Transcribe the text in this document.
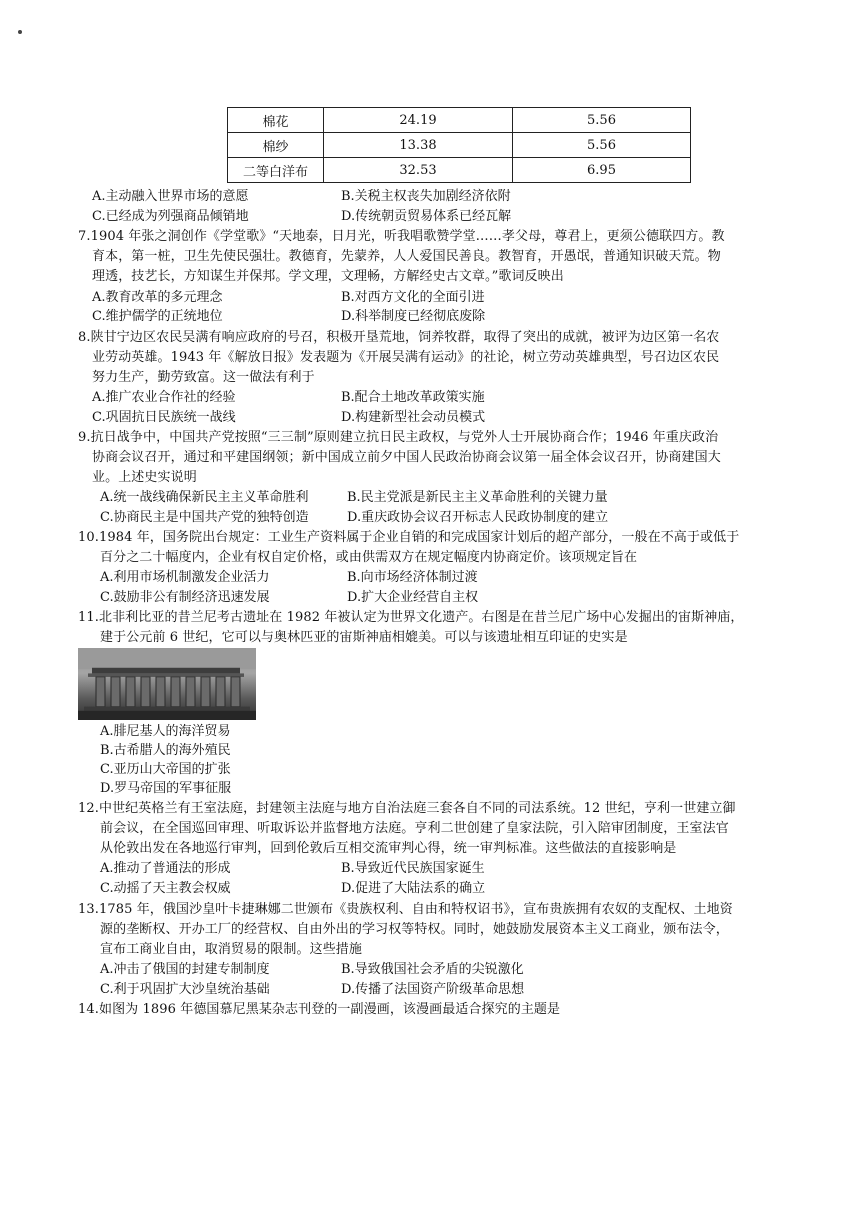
棉花	24.19	5.56
棉纱	13.38	5.56
二等白洋布	32.53	6.95
A.主动融入世界市场的意愿	B.关税主权丧失加剧经济依附
C.已经成为列强商品倾销地	D.传统朝贡贸易体系已经瓦解
7.1904 年张之洞创作《学堂歌》“天地泰，日月光，听我唱歌赞学堂……孝父母，尊君上，更须公德联四方。教
育本，第一桩，卫生先使民强壮。教德育，先蒙养，人人爱国民善良。教智育，开愚氓，普通知识破天荒。物
理透，技艺长，方知谋生并保邦。学文理，文理畅，方解经史古文章。”歌词反映出
A.教育改革的多元理念	B.对西方文化的全面引进
C.维护儒学的正统地位	D.科举制度已经彻底废除
8.陕甘宁边区农民吴满有响应政府的号召，积极开垦荒地，饲养牧群，取得了突出的成就，被评为边区第一名农
业劳动英雄。1943 年《解放日报》发表题为《开展吴满有运动》的社论，树立劳动英雄典型，号召边区农民
努力生产，勤劳致富。这一做法有利于
A.推广农业合作社的经验	B.配合土地改革政策实施
C.巩固抗日民族统一战线	D.构建新型社会动员模式
9.抗日战争中，中国共产党按照“三三制”原则建立抗日民主政权，与党外人士开展协商合作；1946 年重庆政治
协商会议召开，通过和平建国纲领；新中国成立前夕中国人民政治协商会议第一届全体会议召开，协商建国大
业。上述史实说明
A.统一战线确保新民主主义革命胜利	B.民主党派是新民主主义革命胜利的关键力量
C.协商民主是中国共产党的独特创造	D.重庆政协会议召开标志人民政协制度的建立
10.1984 年，国务院出台规定：工业生产资料属于企业自销的和完成国家计划后的超产部分，一般在不高于或低于
百分之二十幅度内，企业有权自定价格，或由供需双方在规定幅度内协商定价。该项规定旨在
A.利用市场机制激发企业活力	B.向市场经济体制过渡
C.鼓励非公有制经济迅速发展	D.扩大企业经营自主权
11.北非利比亚的昔兰尼考古遗址在 1982 年被认定为世界文化遗产。右图是在昔兰尼广场中心发掘出的宙斯神庙，
建于公元前 6 世纪，它可以与奥林匹亚的宙斯神庙相媲美。可以与该遗址相互印证的史实是
A.腓尼基人的海洋贸易
B.古希腊人的海外殖民
C.亚历山大帝国的扩张
D.罗马帝国的军事征服
12.中世纪英格兰有王室法庭，封建领主法庭与地方自治法庭三套各自不同的司法系统。12 世纪，亨利一世建立御
前会议，在全国巡回审理、听取诉讼并监督地方法庭。亨利二世创建了皇家法院，引入陪审团制度，王室法官
从伦敦出发在各地巡行审判，回到伦敦后互相交流审判心得，统一审判标准。这些做法的直接影响是
A.推动了普通法的形成	B.导致近代民族国家诞生
C.动摇了天主教会权威	D.促进了大陆法系的确立
13.1785 年，俄国沙皇叶卡捷琳娜二世颁布《贵族权利、自由和特权诏书》，宣布贵族拥有农奴的支配权、土地资
源的垄断权、开办工厂的经营权、自由外出的学习权等特权。同时，她鼓励发展资本主义工商业，颁布法令，
宣布工商业自由，取消贸易的限制。这些措施
A.冲击了俄国的封建专制制度	B.导致俄国社会矛盾的尖锐激化
C.利于巩固扩大沙皇统治基础	D.传播了法国资产阶级革命思想
14.如图为 1896 年德国慕尼黑某杂志刊登的一副漫画，该漫画最适合探究的主题是
